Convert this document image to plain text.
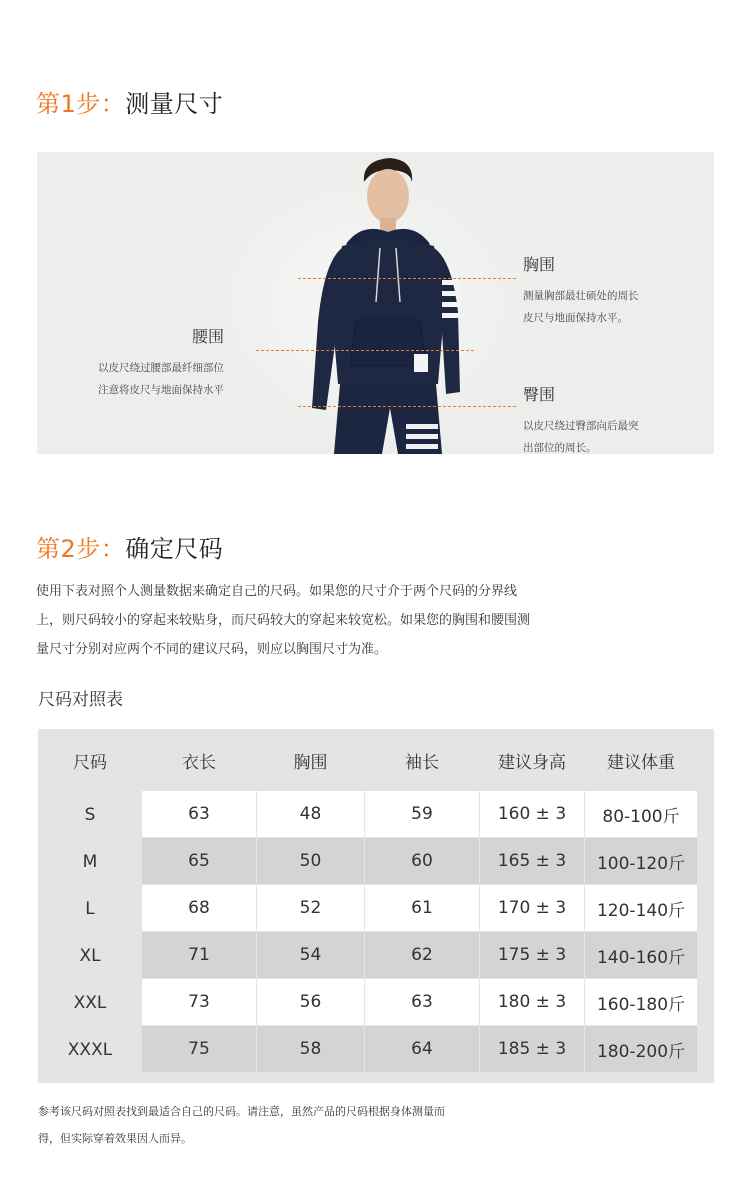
第1步：测量尺寸
胸围
测量胸部最壮硕处的周长
皮尺与地面保持水平。
腰围
以皮尺绕过腰部最纤细部位
注意将皮尺与地面保持水平	臀围
以皮尺绕过臀部向后最突
出部位的周长。
第2步：确定尺码
使用下表对照个人测量数据来确定自己的尺码。如果您的尺寸介于两个尺码的分界线
上，则尺码较小的穿起来较贴身，而尺码较大的穿起来较宽松。如果您的胸围和腰围测
量尺寸分别对应两个不同的建议尺码，则应以胸围尺寸为准。
尺码对照表
尺码	衣长	胸围	袖长	建议身高	建议体重
S	63	48	59	160 ± 3	80-100斤
M	65	50	60	165 ± 3	100-120斤
L	68	52	61	170 ± 3	120-140斤
XL	71	54	62	175 ± 3	140-160斤
XXL	73	56	63	180 ± 3	160-180斤
XXXL	75	58	64	185 ± 3	180-200斤
参考该尺码对照表找到最适合自己的尺码。请注意，虽然产品的尺码根据身体测量而
得，但实际穿着效果因人而异。
